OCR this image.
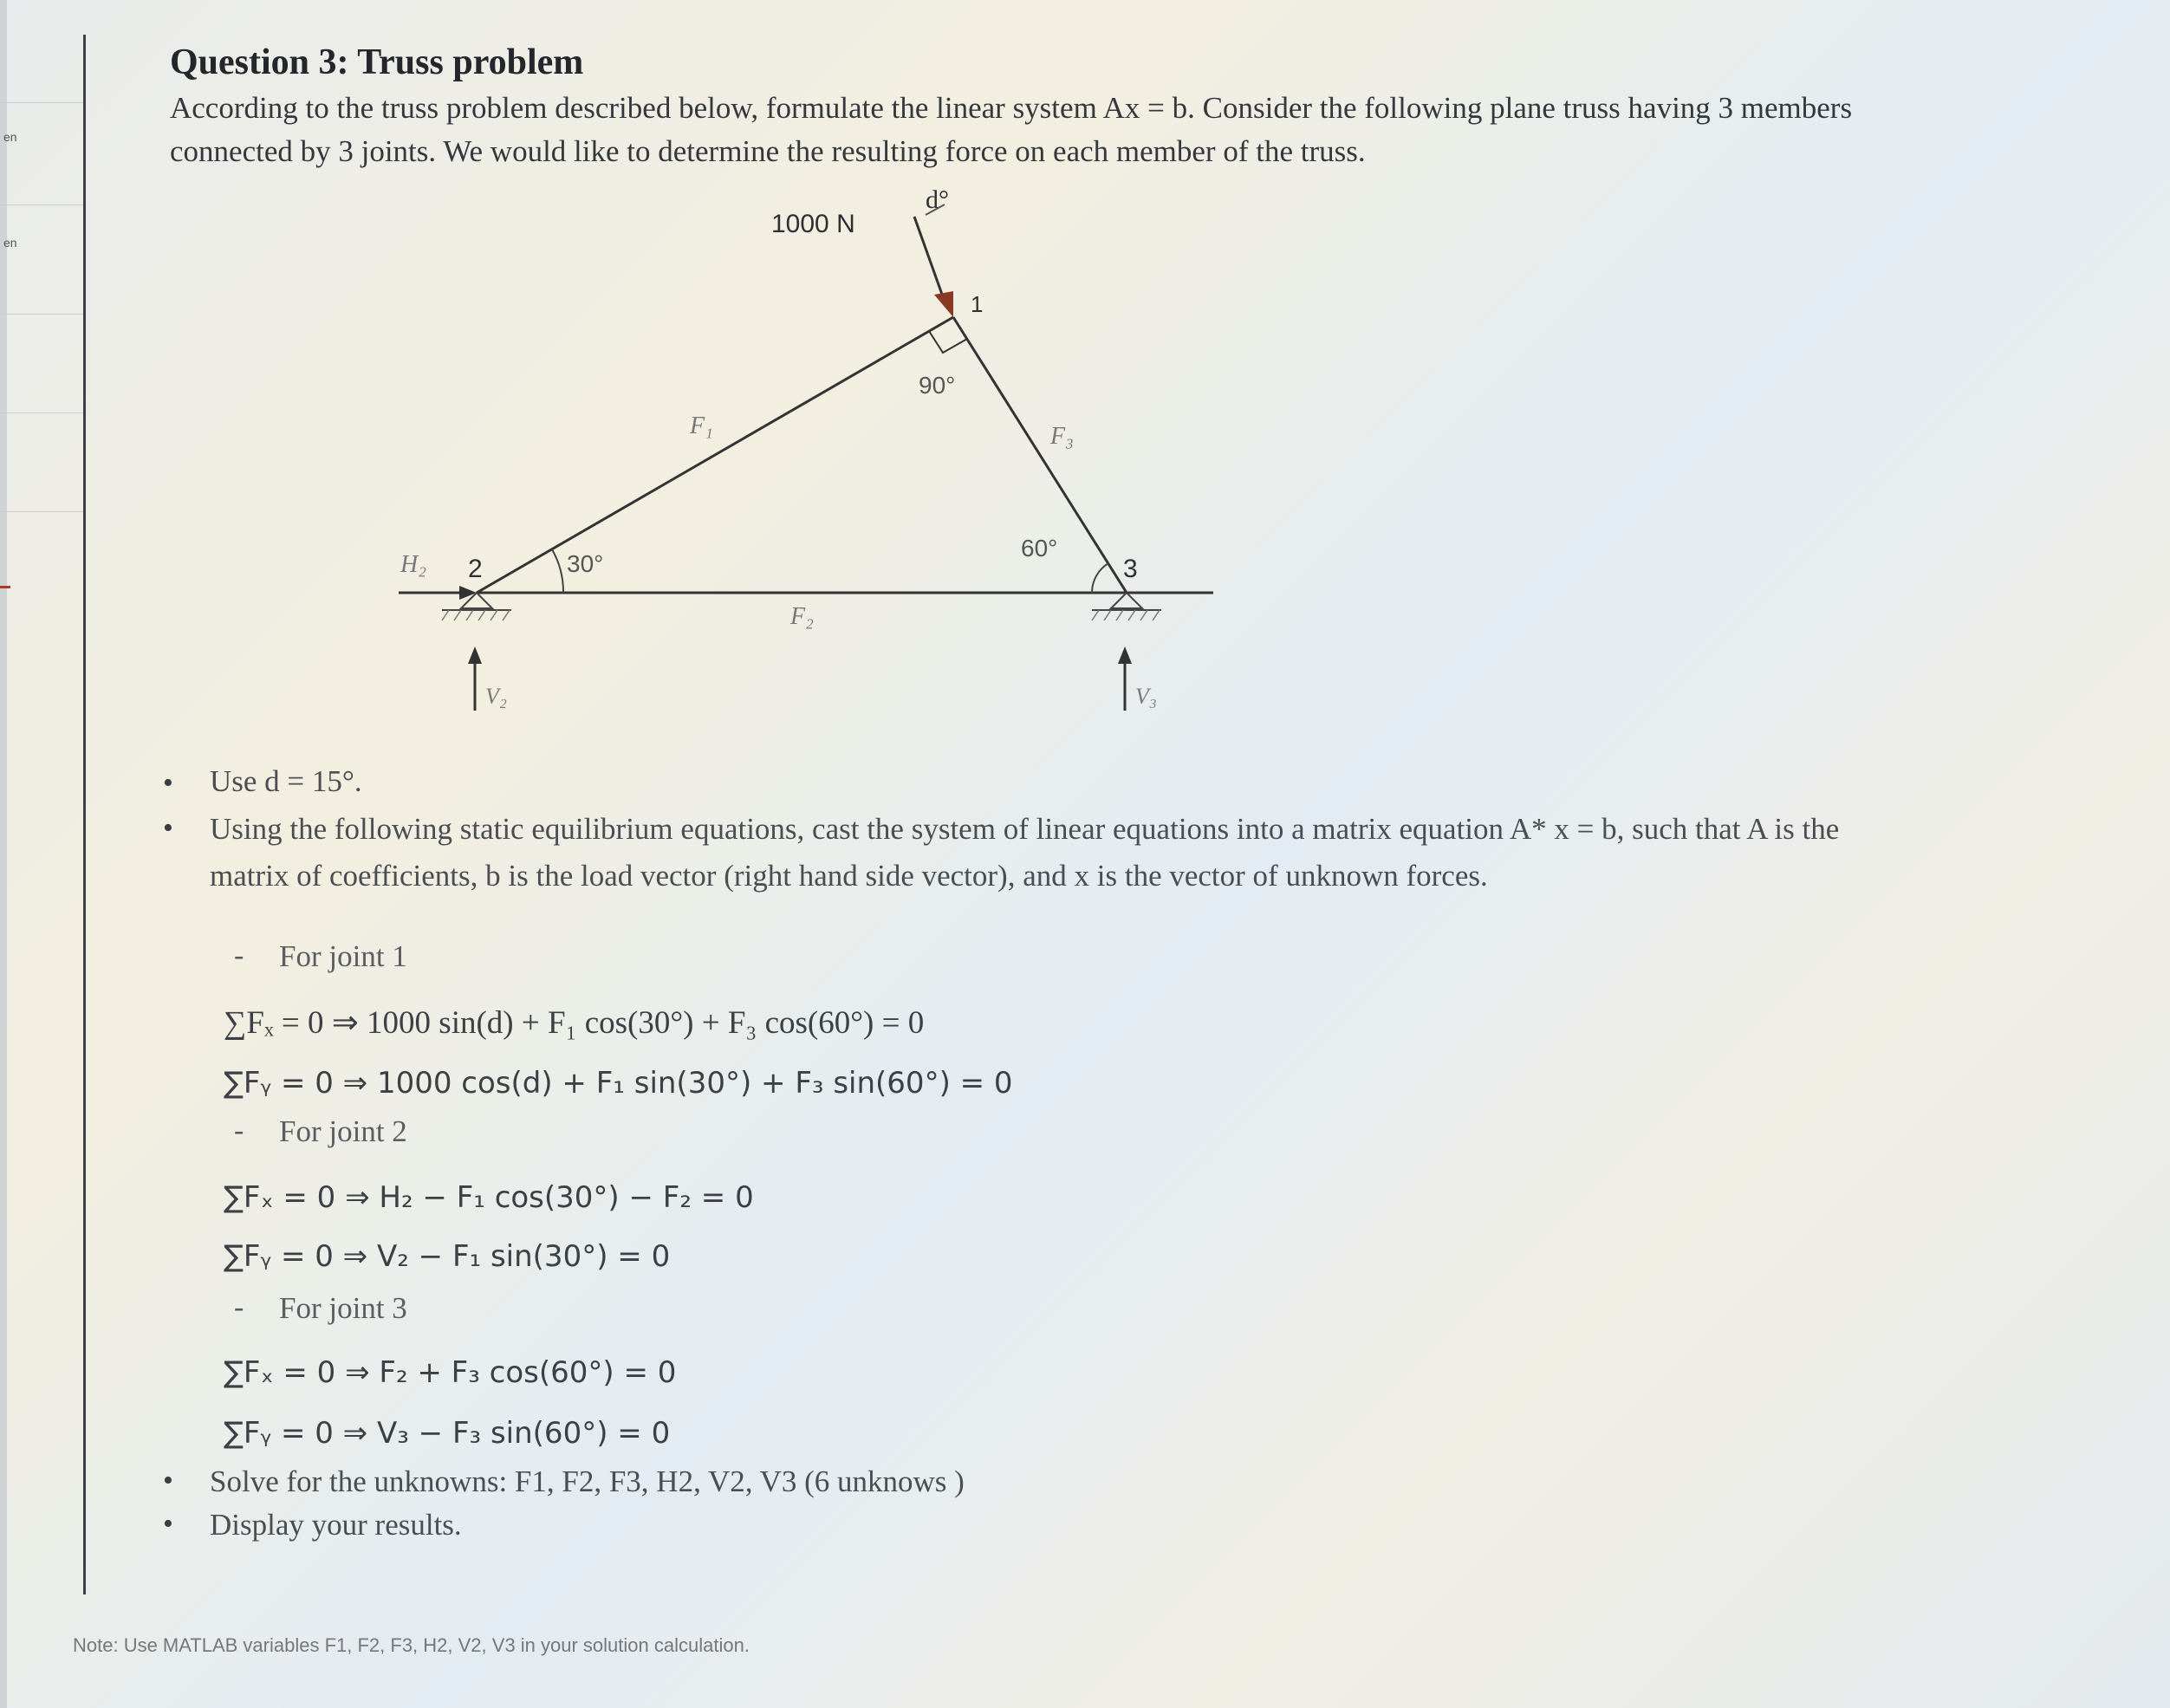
en
en
Question 3: Truss problem
According to the truss problem described below, formulate the linear system Ax = b. Consider the following plane truss having 3 members connected by 3 joints. We would like to determine the resulting force on each member of the truss.
1000 N
d°
1
2	3
90°
30°
60°
F₁
F₂
F₃
H₂
V₂	V₃
• Use d = 15°.
• Using the following static equilibrium equations, cast the system of linear equations into a matrix equation A* x = b, such that A is the matrix of coefficients, b is the load vector (right hand side vector), and x is the vector of unknown forces.
- For joint 1
∑Fₓ = 0 ⇒ 1000 sin(d) + F₁ cos(30°) + F₃ cos(60°) = 0
∑Fᵧ = 0 ⇒ 1000 cos(d) + F₁ sin(30°) + F₃ sin(60°) = 0
- For joint 2
∑Fₓ = 0 ⇒ H₂ − F₁ cos(30°) − F₂ = 0
∑Fᵧ = 0 ⇒ V₂ − F₁ sin(30°) = 0
- For joint 3
∑Fₓ = 0 ⇒ F₂ + F₃ cos(60°) = 0
∑Fᵧ = 0 ⇒ V₃ − F₃ sin(60°) = 0
• Solve for the unknowns: F1, F2, F3, H2, V2, V3 (6 unknows )
• Display your results.
Note: Use MATLAB variables F1, F2, F3, H2, V2, V3 in your solution calculation.
